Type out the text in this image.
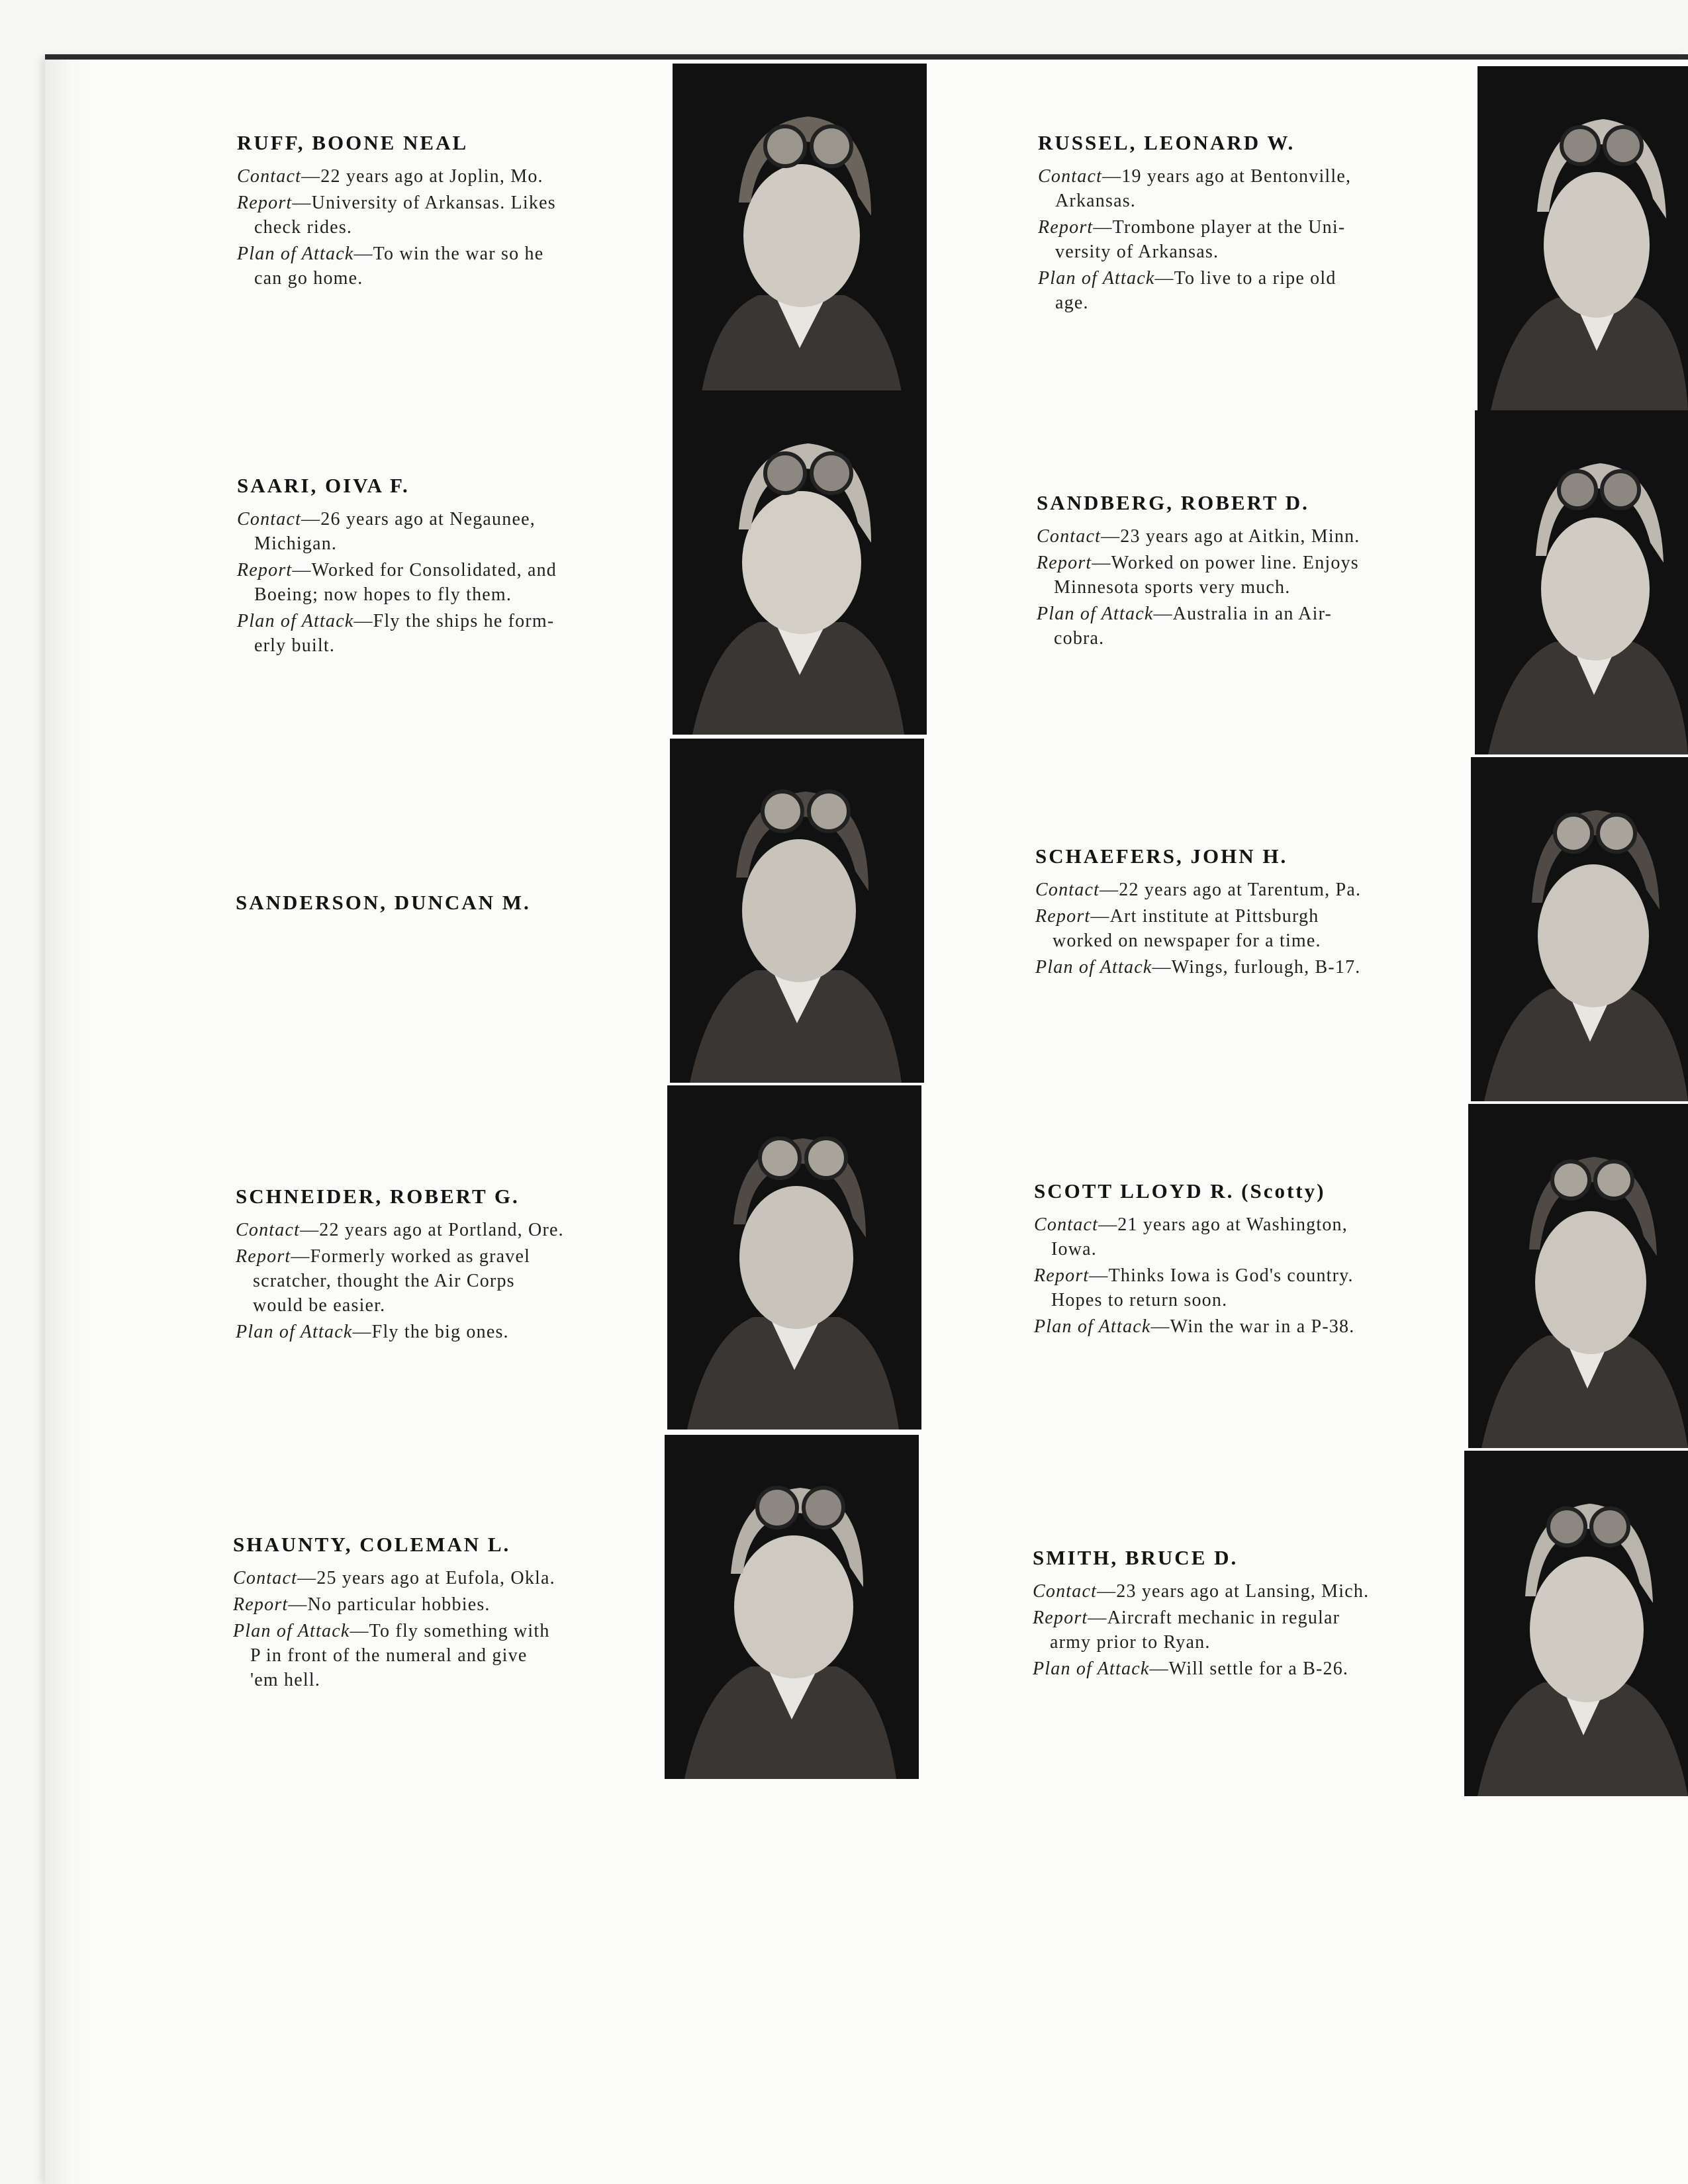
RUFF, BOONE NEAL
Contact—22 years ago at Joplin, Mo.
Report—University of Arkansas. Likes
check rides.
Plan of Attack—To win the war so he
can go home.
SAARI, OIVA F.
Contact—26 years ago at Negaunee,
Michigan.
Report—Worked for Consolidated, and
Boeing; now hopes to fly them.
Plan of Attack—Fly the ships he form-
erly built.
SANDERSON, DUNCAN M.
SCHNEIDER, ROBERT G.
Contact—22 years ago at Portland, Ore.
Report—Formerly worked as gravel
scratcher, thought the Air Corps
would be easier.
Plan of Attack—Fly the big ones.
SHAUNTY, COLEMAN L.
Contact—25 years ago at Eufola, Okla.
Report—No particular hobbies.
Plan of Attack—To fly something with
P in front of the numeral and give
'em hell.
RUSSEL, LEONARD W.
Contact—19 years ago at Bentonville,
Arkansas.
Report—Trombone player at the Uni-
versity of Arkansas.
Plan of Attack—To live to a ripe old
age.
SANDBERG, ROBERT D.
Contact—23 years ago at Aitkin, Minn.
Report—Worked on power line. Enjoys
Minnesota sports very much.
Plan of Attack—Australia in an Air-
cobra.
SCHAEFERS, JOHN H.
Contact—22 years ago at Tarentum, Pa.
Report—Art institute at Pittsburgh
worked on newspaper for a time.
Plan of Attack—Wings, furlough, B-17.
SCOTT LLOYD R. (Scotty)
Contact—21 years ago at Washington,
Iowa.
Report—Thinks Iowa is God's country.
Hopes to return soon.
Plan of Attack—Win the war in a P-38.
SMITH, BRUCE D.
Contact—23 years ago at Lansing, Mich.
Report—Aircraft mechanic in regular
army prior to Ryan.
Plan of Attack—Will settle for a B-26.
